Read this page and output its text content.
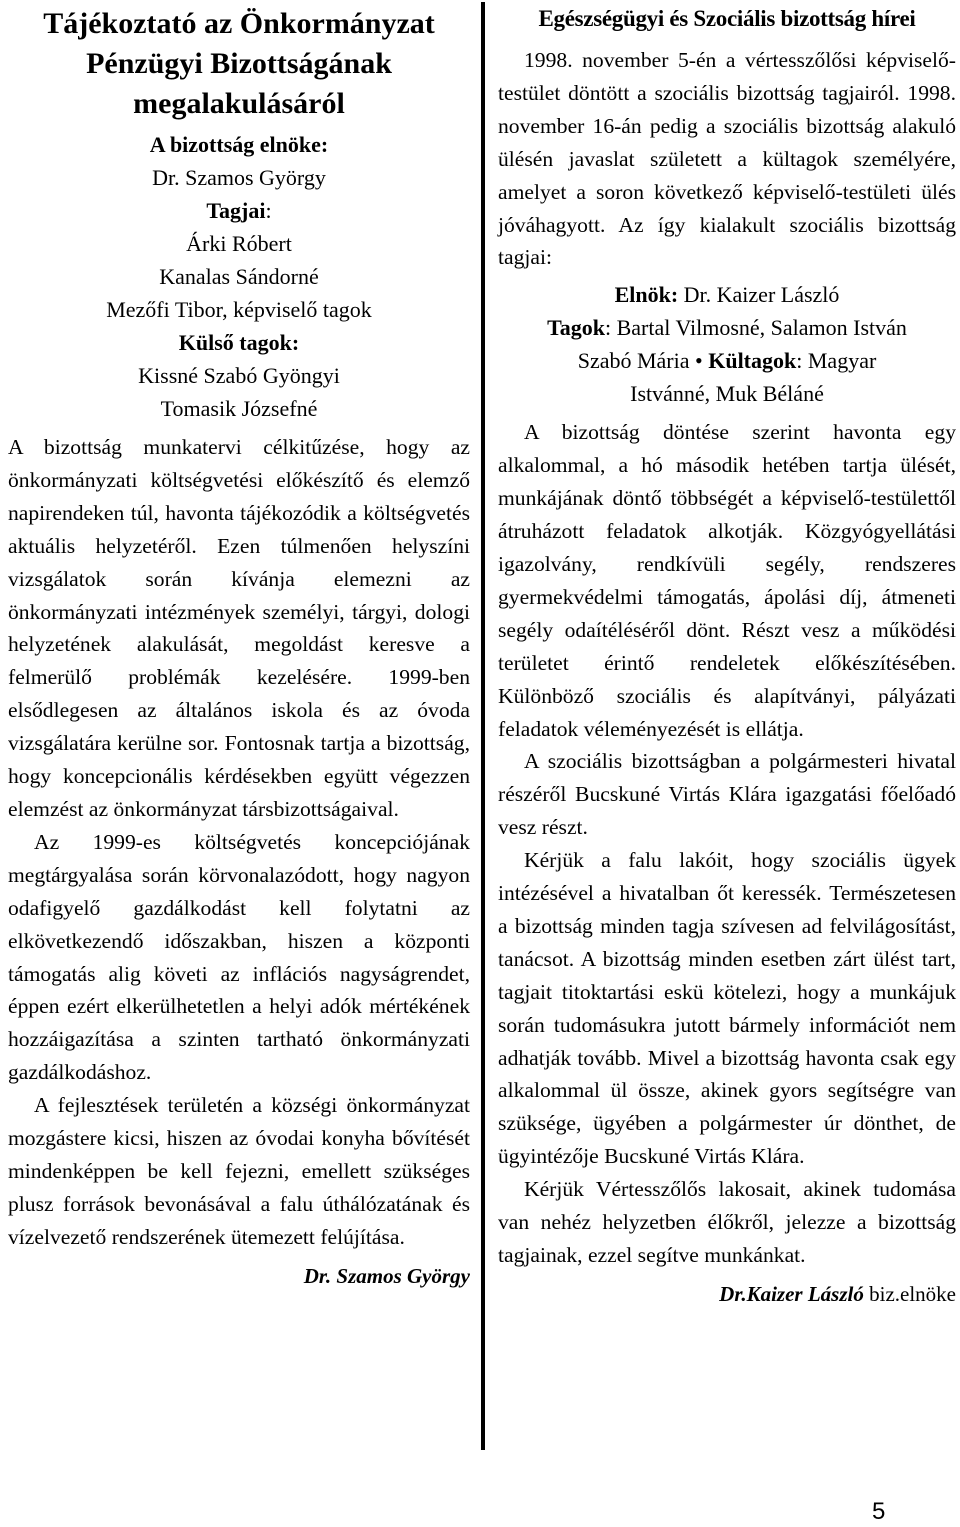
Tájékoztató az Önkormányzat
Pénzügyi Bizottságának
megalakulásáról

A bizottság elnöke:

Dr. Szamos György

Tagjai:

Árki Róbert

Kanalas Sándorné

Mezőfi Tibor, képviselő tagok

Külső tagok:

Kissné Szabó Gyöngyi

Tomasik Józsefné

A bizottság munkatervi célkitűzése, hogy az önkormányzati költségvetési előkészítő és elemző napirendeken túl, havonta tájékozódik a költségvetés aktuális helyzetéről. Ezen túlmenően helyszíni vizsgálatok során kívánja elemezni az önkormányzati intézmények személyi, tárgyi, dologi helyzetének alakulását, megoldást keresve a felmerülő problémák kezelésére. 1999-ben elsődlegesen az általános iskola és az óvoda vizsgálatára kerülne sor. Fontosnak tartja a bizottság, hogy koncepcionális kérdésekben együtt végezzen elemzést az önkormányzat társbizottságaival.

Az 1999-es költségvetés koncepciójának megtárgyalása során körvonalazódott, hogy nagyon odafigyelő gazdálkodást kell folytatni az elkövetkezendő időszakban, hiszen a központi támogatás alig követi az inflációs nagyságrendet, éppen ezért elkerülhetetlen a helyi adók mértékének hozzáigazítása a szinten tartható önkormányzati gazdálkodáshoz.

A fejlesztések területén a községi önkormányzat mozgástere kicsi, hiszen az óvodai konyha bővítését mindenképpen be kell fejezni, emellett szükséges plusz források bevonásával a falu úthálózatának és vízelvezető rendszerének ütemezett felújítása.

Dr. Szamos György

Egészségügyi és Szociális bizottság hírei

1998. november 5-én a vértesszőlősi képviselő-testület döntött a szociális bizottság tagjairól. 1998. november 16-án pedig a szociális bizottság alakuló ülésén javaslat született a kültagok személyére, amelyet a soron következő képviselő-testületi ülés jóváhagyott. Az így kialakult szociális bizottság tagjai:

Elnök: Dr. Kaizer László

Tagok: Bartal Vilmosné, Salamon István

Szabó Mária • Kültagok: Magyar

Istvánné, Muk Béláné

A bizottság döntése szerint havonta egy alkalommal, a hó második hetében tartja ülését, munkájának döntő többségét a képviselő-testülettől átruházott feladatok alkotják. Közgyógyellátási igazolvány, rendkívüli segély, rendszeres gyermekvédelmi támogatás, ápolási díj, átmeneti segély odaítéléséről dönt. Részt vesz a működési területet érintő rendeletek előkészítésében. Különböző szociális és alapítványi, pályázati feladatok véleményezését is ellátja.

A szociális bizottságban a polgármesteri hivatal részéről Bucskuné Virtás Klára igazgatási főelőadó vesz részt.

Kérjük a falu lakóit, hogy szociális ügyek intézésével a hivatalban őt keressék. Természetesen a bizottság minden tagja szívesen ad felvilágosítást, tanácsot. A bizottság minden esetben zárt ülést tart, tagjait titoktartási eskü kötelezi, hogy a munkájuk során tudomásukra jutott bármely információt nem adhatják tovább. Mivel a bizottság havonta csak egy alkalommal ül össze, akinek gyors segítségre van szüksége, ügyében a polgármester úr dönthet, de ügyintézője Bucskuné Virtás Klára.

Kérjük Vértesszőlős lakosait, akinek tudomása van nehéz helyzetben élőkről, jelezze a bizottság tagjainak, ezzel segítve munkánkat.

Dr.Kaizer László biz.elnöke

5
